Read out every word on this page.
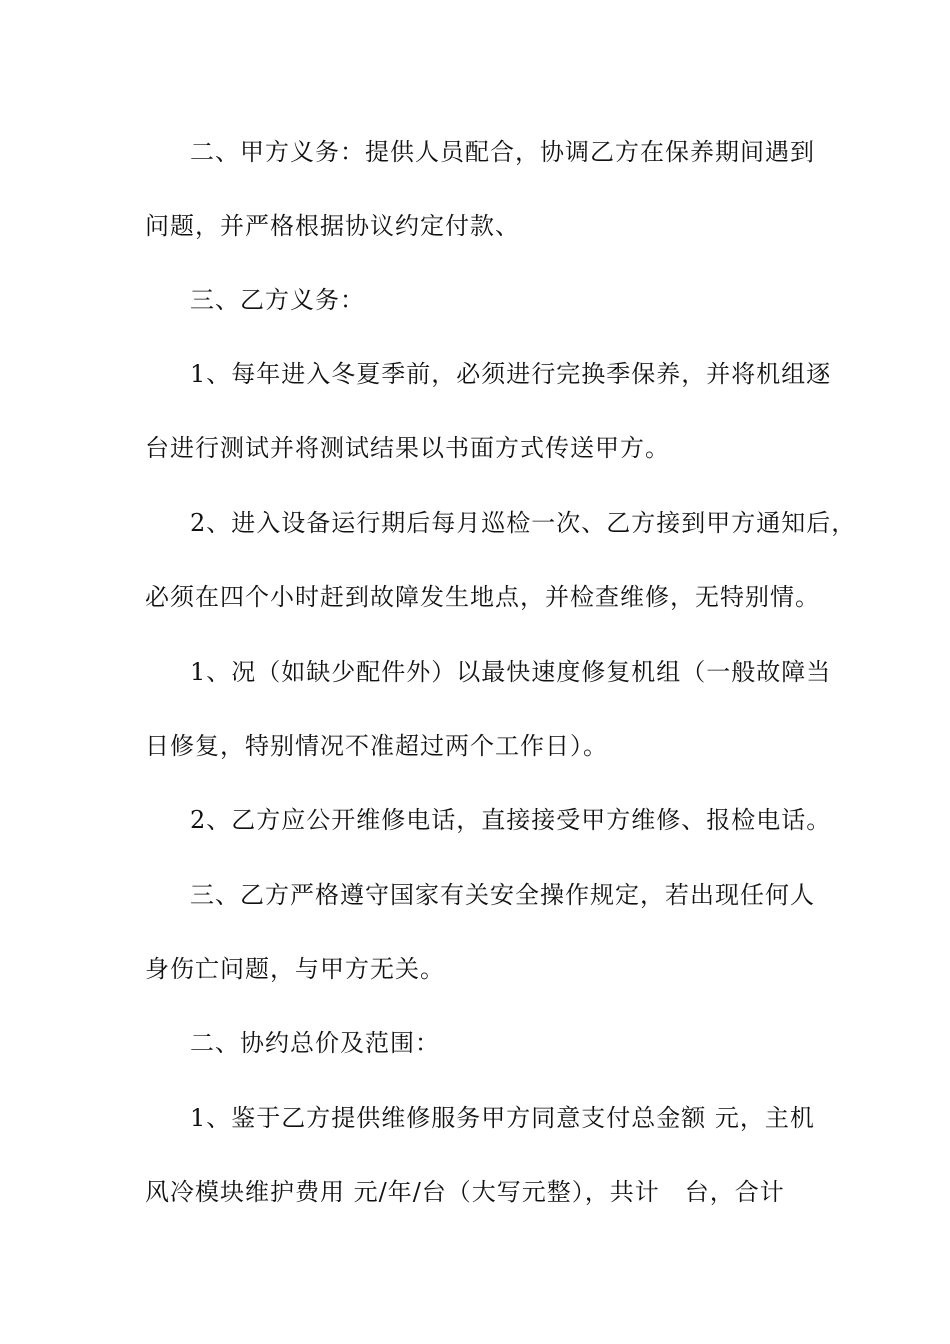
二、甲方义务：提供人员配合，协调乙方在保养期间遇到
问题，并严格根据协议约定付款、
三、乙方义务：
1、每年进入冬夏季前，必须进行完换季保养，并将机组逐
台进行测试并将测试结果以书面方式传送甲方。
2、进入设备运行期后每月巡检一次、乙方接到甲方通知后，
必须在四个小时赶到故障发生地点，并检查维修，无特别情。
1、况（如缺少配件外）以最快速度修复机组（一般故障当
日修复，特别情况不准超过两个工作日）。
2、乙方应公开维修电话，直接接受甲方维修、报检电话。
三、乙方严格遵守国家有关安全操作规定，若出现任何人
身伤亡问题，与甲方无关。
二、协约总价及范围：
1、鉴于乙方提供维修服务甲方同意支付总金额 元，主机
风冷模块维护费用 元/年/台（大写元整），共计　台，合计
